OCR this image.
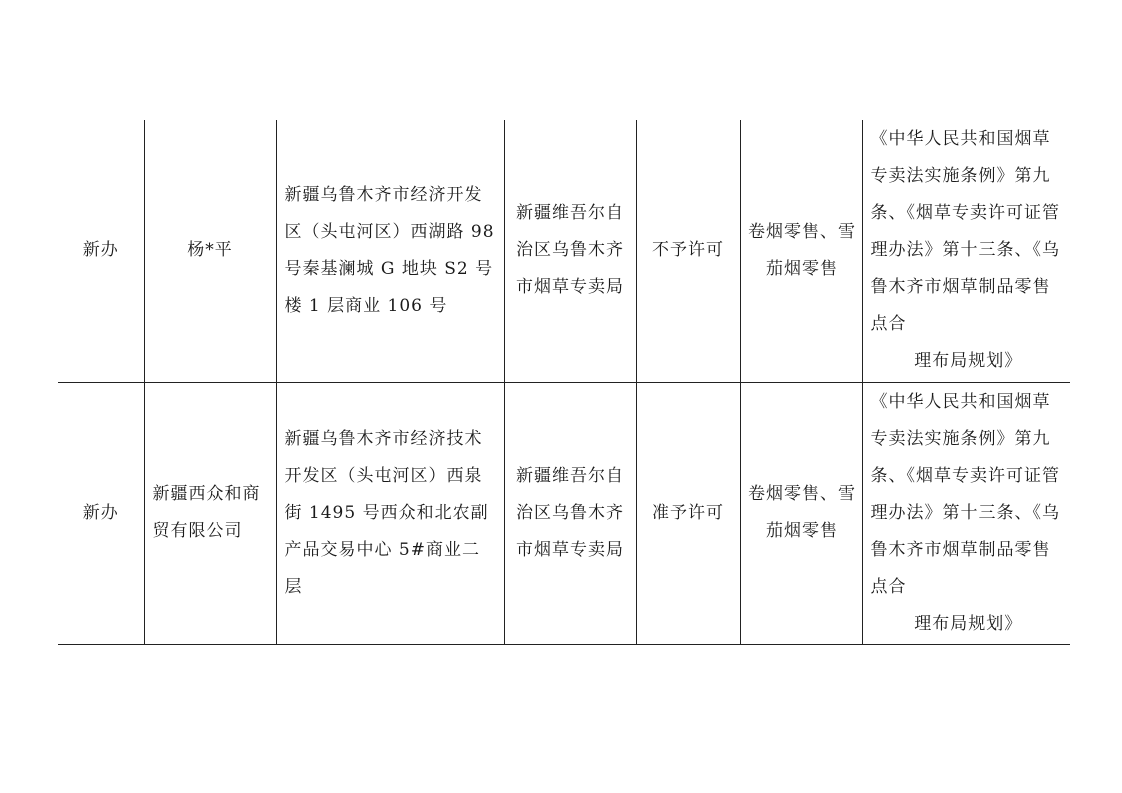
新办	杨*平	新疆乌鲁木齐市经济开发区（头屯河区）西湖路 98 号秦基澜城 G 地块 S2 号楼 1 层商业 106 号	新疆维吾尔自治区乌鲁木齐市烟草专卖局	不予许可	卷烟零售、雪茄烟零售	《中华人民共和国烟草专卖法实施条例》第九条、《烟草专卖许可证管理办法》第十三条、《乌鲁木齐市烟草制品零售点合
理布局规划》

新办	新疆西众和商贸有限公司	新疆乌鲁木齐市经济技术开发区（头屯河区）西泉街 1495 号西众和北农副产品交易中心 5#商业二层	新疆维吾尔自治区乌鲁木齐市烟草专卖局	准予许可	卷烟零售、雪茄烟零售	《中华人民共和国烟草专卖法实施条例》第九条、《烟草专卖许可证管理办法》第十三条、《乌鲁木齐市烟草制品零售点合
理布局规划》
